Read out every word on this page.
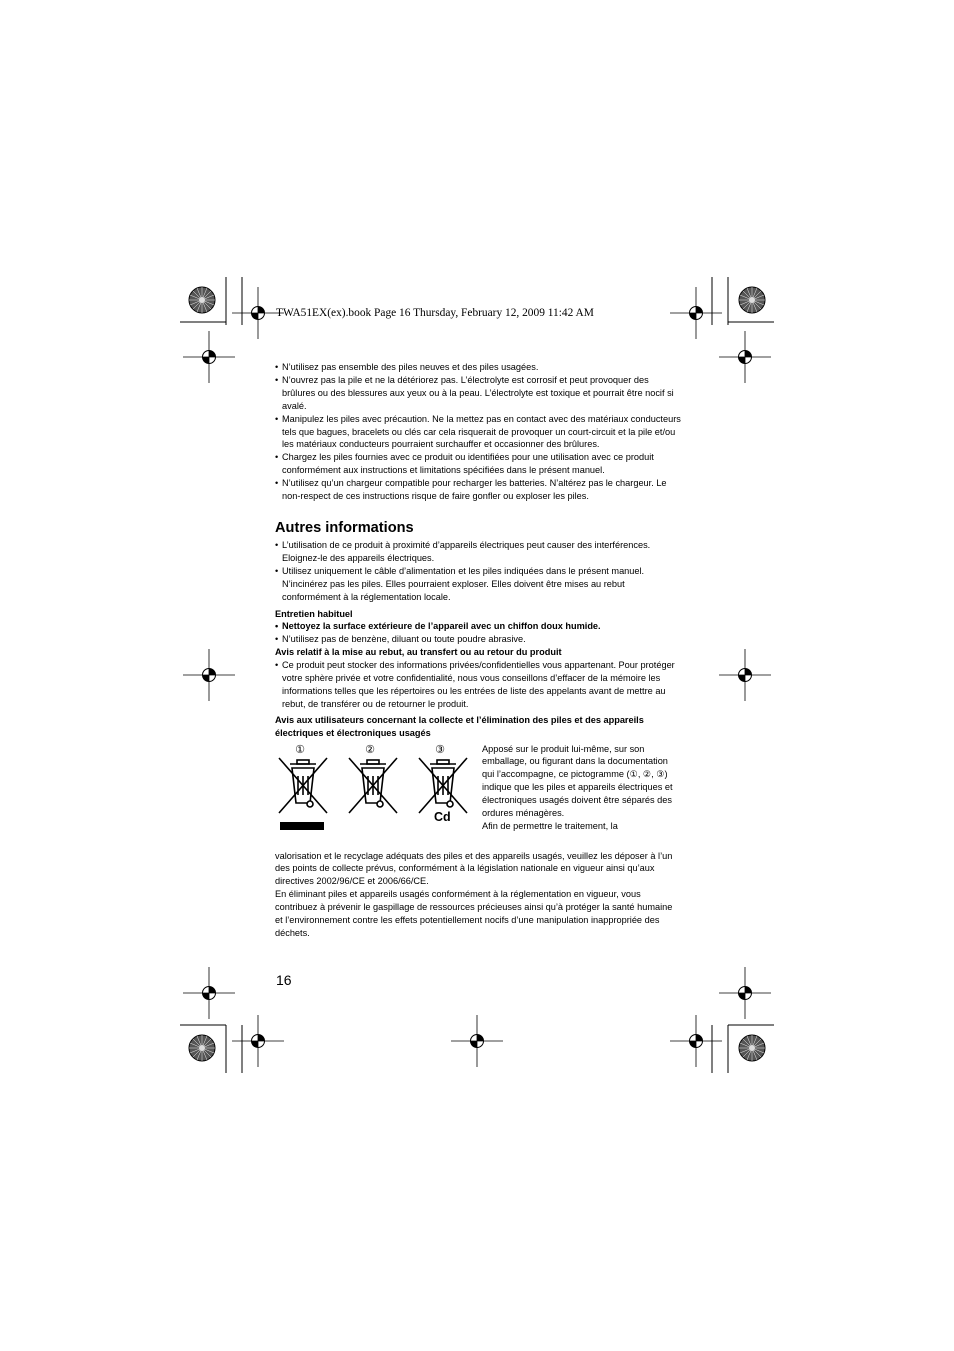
TWA51EX(ex).book Page 16 Thursday, February 12, 2009 11:42 AM
• N’utilisez pas ensemble des piles neuves et des piles usagées.
• N’ouvrez pas la pile et ne la détériorez pas. L’électrolyte est corrosif et peut provoquer des brûlures ou des blessures aux yeux ou à la peau. L’électrolyte est toxique et pourrait être nocif si avalé.
• Manipulez les piles avec précaution. Ne la mettez pas en contact avec des matériaux conducteurs tels que bagues, bracelets ou clés car cela risquerait de provoquer un court-circuit et la pile et/ou les matériaux conducteurs pourraient surchauffer et occasionner des brûlures.
• Chargez les piles fournies avec ce produit ou identifiées pour une utilisation avec ce produit conformément aux instructions et limitations spécifiées dans le présent manuel.
• N’utilisez qu’un chargeur compatible pour recharger les batteries. N’altérez pas le chargeur. Le non-respect de ces instructions risque de faire gonfler ou exploser les piles.
Autres informations
• L’utilisation de ce produit à proximité d’appareils électriques peut causer des interférences. Eloignez-le des appareils électriques.
• Utilisez uniquement le câble d’alimentation et les piles indiquées dans le présent manuel. N’incinérez pas les piles. Elles pourraient exploser. Elles doivent être mises au rebut conformément à la réglementation locale.
Entretien habituel
• Nettoyez la surface extérieure de l’appareil avec un chiffon doux humide.
• N’utilisez pas de benzène, diluant ou toute poudre abrasive.
Avis relatif à la mise au rebut, au transfert ou au retour du produit
• Ce produit peut stocker des informations privées/confidentielles vous appartenant. Pour protéger votre sphère privée et votre confidentialité, nous vous conseillons d’effacer de la mémoire les informations telles que les répertoires ou les entrées de liste des appelants avant de mettre au rebut, de transférer ou de retourner le produit.
Avis aux utilisateurs concernant la collecte et l’élimination des piles et des appareils électriques et électroniques usagés
①	②	③
Cd
Apposé sur le produit lui-même, sur son emballage, ou figurant dans la documentation qui l’accompagne, ce pictogramme (①, ②, ③) indique que les piles et appareils électriques et électroniques usagés doivent être séparés des ordures ménagères.
Afin de permettre le traitement, la
valorisation et le recyclage adéquats des piles et des appareils usagés, veuillez les déposer à l’un des points de collecte prévus, conformément à la législation nationale en vigueur ainsi qu’aux directives 2002/96/CE et 2006/66/CE.
En éliminant piles et appareils usagés conformément à la réglementation en vigueur, vous contribuez à prévenir le gaspillage de ressources précieuses ainsi qu’à protéger la santé humaine et l’environnement contre les effets potentiellement nocifs d’une manipulation inappropriée des déchets.
16
